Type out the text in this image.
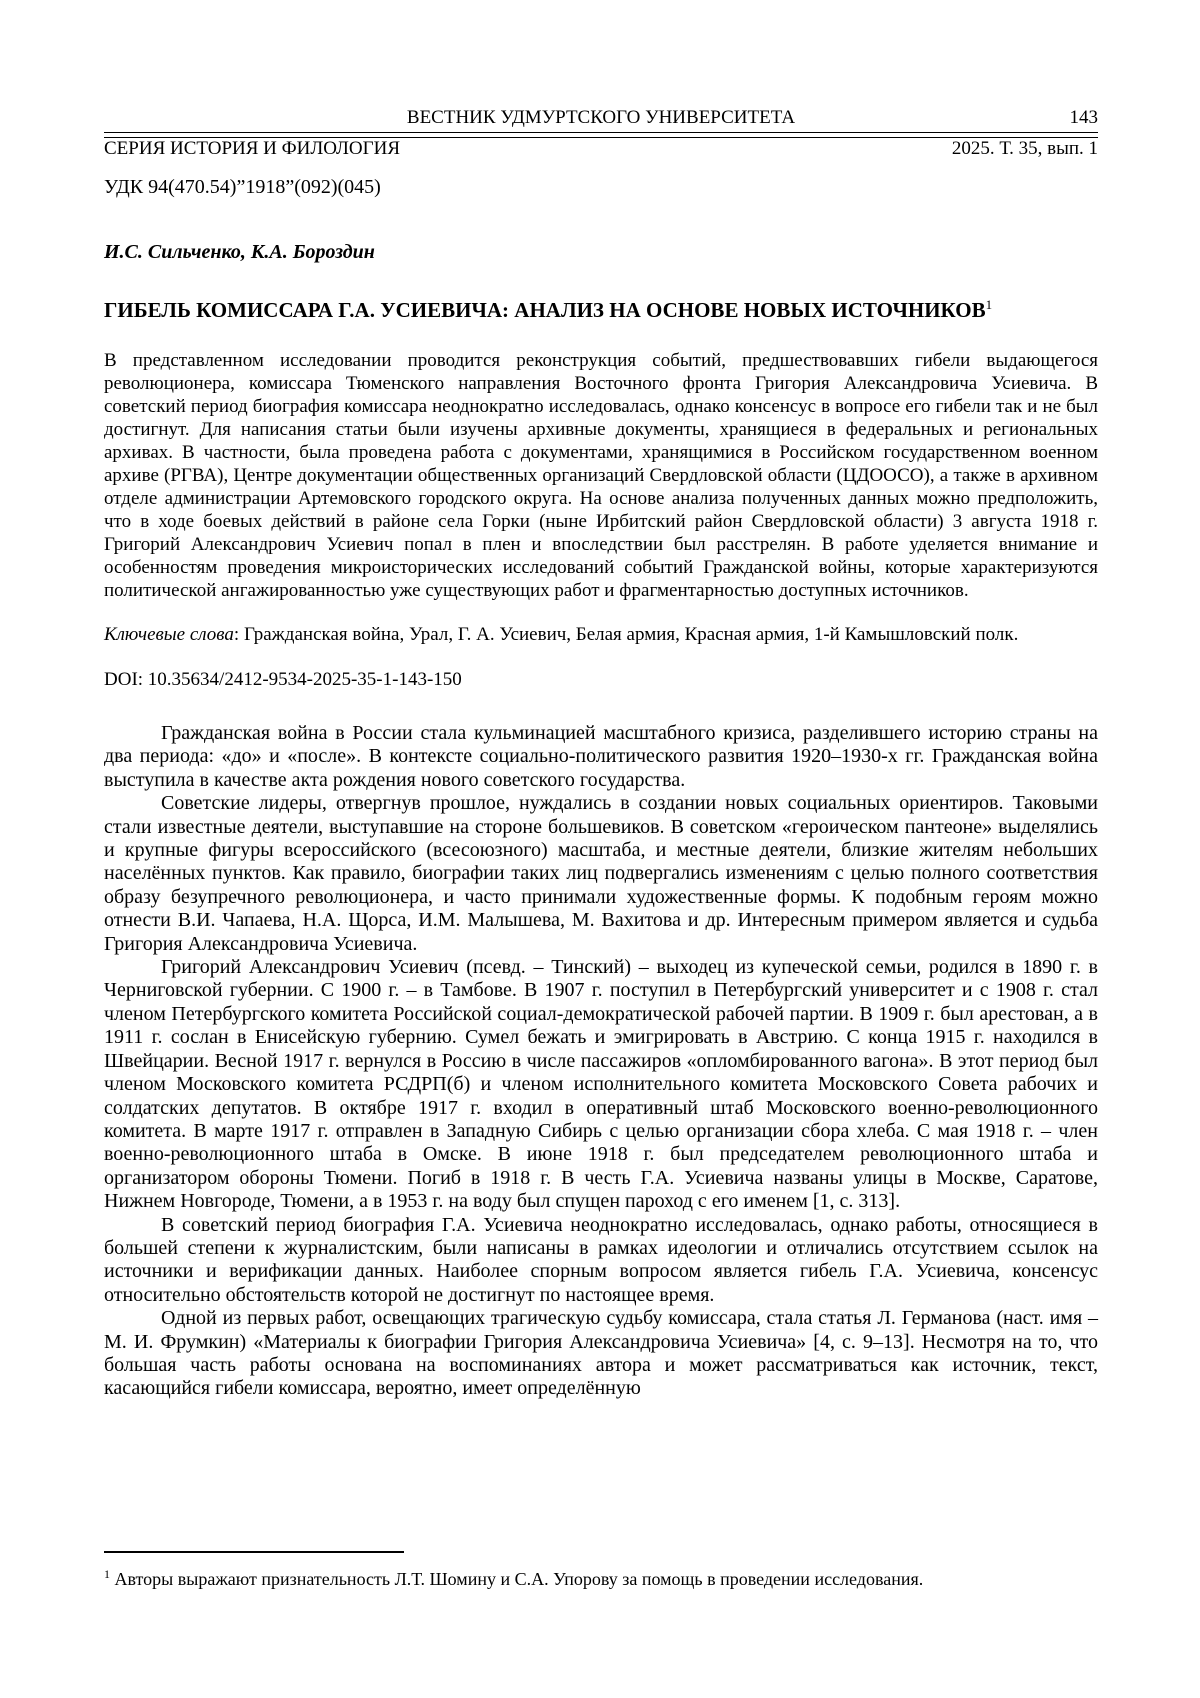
ВЕСТНИК УДМУРТСКОГО УНИВЕРСИТЕТА	143
СЕРИЯ ИСТОРИЯ И ФИЛОЛОГИЯ	2025. Т. 35, вып. 1
УДК 94(470.54)”1918”(092)(045)
И.С. Сильченко, К.А. Бороздин
ГИБЕЛЬ КОМИССАРА Г.А. УСИЕВИЧА: АНАЛИЗ НА ОСНОВЕ НОВЫХ ИСТОЧНИКОВ$^1$
В представленном исследовании проводится реконструкция событий, предшествовавших гибели выдающегося революционера, комиссара Тюменского направления Восточного фронта Григория Александровича Усиевича. В советский период биография комиссара неоднократно исследовалась, однако консенсус в вопросе его гибели так и не был достигнут. Для написания статьи были изучены архивные документы, хранящиеся в федеральных и региональных архивах. В частности, была проведена работа с документами, хранящимися в Российском государственном военном архиве (РГВА), Центре документации общественных организаций Свердловской области (ЦДООСО), а также в архивном отделе администрации Артемовского городского округа. На основе анализа полученных данных можно предположить, что в ходе боевых действий в районе села Горки (ныне Ирбитский район Свердловской области) 3 августа 1918 г. Григорий Александрович Усиевич попал в плен и впоследствии был расстрелян. В работе уделяется внимание и особенностям проведения микроисторических исследований событий Гражданской войны, которые характеризуются политической ангажированностью уже существующих работ и фрагментарностью доступных источников.
Ключевые слова: Гражданская война, Урал, Г. А. Усиевич, Белая армия, Красная армия, 1-й Камышловский полк.
DOI: 10.35634/2412-9534-2025-35-1-143-150

Гражданская война в России стала кульминацией масштабного кризиса, разделившего историю страны на два периода: «до» и «после». В контексте социально-политического развития 1920–1930-х гг. Гражданская война выступила в качестве акта рождения нового советского государства.

Советские лидеры, отвергнув прошлое, нуждались в создании новых социальных ориентиров. Таковыми стали известные деятели, выступавшие на стороне большевиков. В советском «героическом пантеоне» выделялись и крупные фигуры всероссийского (всесоюзного) масштаба, и местные деятели, близкие жителям небольших населённых пунктов. Как правило, биографии таких лиц подвергались изменениям с целью полного соответствия образу безупречного революционера, и часто принимали художественные формы. К подобным героям можно отнести В.И. Чапаева, Н.А. Щорса, И.М. Малышева, М. Вахитова и др. Интересным примером является и судьба Григория Александровича Усиевича.

Григорий Александрович Усиевич (псевд. – Тинский) – выходец из купеческой семьи, родился в 1890 г. в Черниговской губернии. С 1900 г. – в Тамбове. В 1907 г. поступил в Петербургский университет и с 1908 г. стал членом Петербургского комитета Российской социал-демократической рабочей партии. В 1909 г. был арестован, а в 1911 г. сослан в Енисейскую губернию. Сумел бежать и эмигрировать в Австрию. С конца 1915 г. находился в Швейцарии. Весной 1917 г. вернулся в Россию в числе пассажиров «опломбированного вагона». В этот период был членом Московского комитета РСДРП(б) и членом исполнительного комитета Московского Совета рабочих и солдатских депутатов. В октябре 1917 г. входил в оперативный штаб Московского военно-революционного комитета. В марте 1917 г. отправлен в Западную Сибирь с целью организации сбора хлеба. С мая 1918 г. – член военно-революционного штаба в Омске. В июне 1918 г. был председателем революционного штаба и организатором обороны Тюмени. Погиб в 1918 г. В честь Г.А. Усиевича названы улицы в Москве, Саратове, Нижнем Новгороде, Тюмени, а в 1953 г. на воду был спущен пароход с его именем [1, с. 313].

В советский период биография Г.А. Усиевича неоднократно исследовалась, однако работы, относящиеся в большей степени к журналистским, были написаны в рамках идеологии и отличались отсутствием ссылок на источники и верификации данных. Наиболее спорным вопросом является гибель Г.А. Усиевича, консенсус относительно обстоятельств которой не достигнут по настоящее время.

Одной из первых работ, освещающих трагическую судьбу комиссара, стала статья Л. Германова (наст. имя – М. И. Фрумкин) «Материалы к биографии Григория Александровича Усиевича» [4, с. 9–13]. Несмотря на то, что большая часть работы основана на воспоминаниях автора и может рассматриваться как источник, текст, касающийся гибели комиссара, вероятно, имеет определённую

$^1$ Авторы выражают признательность Л.Т. Шомину и С.А. Упорову за помощь в проведении исследования.
